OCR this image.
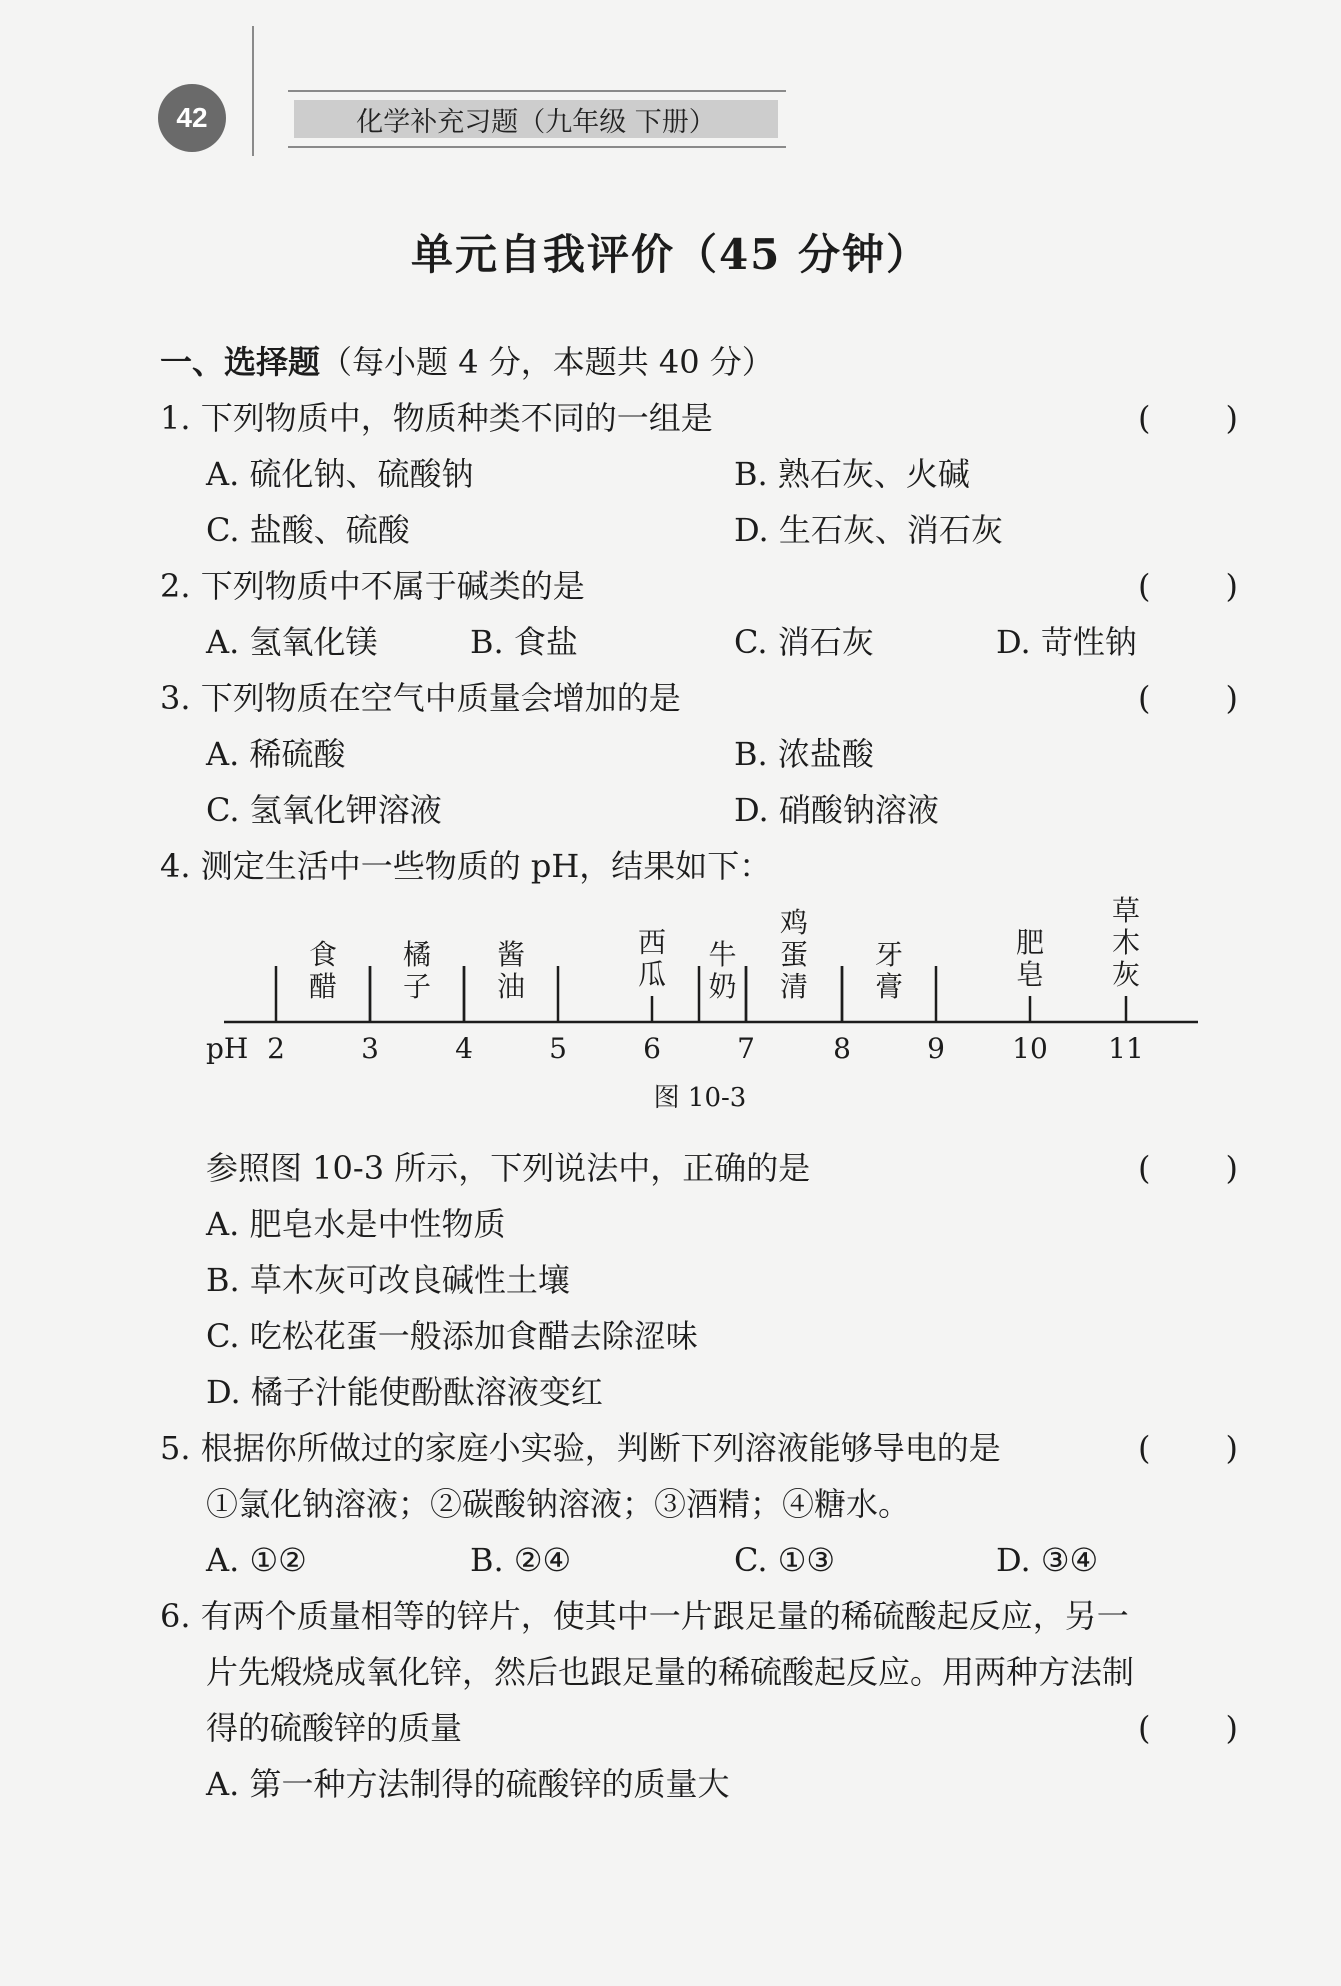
42	化学补充习题（九年级 下册）
单元自我评价（45 分钟）
一、选择题（每小题 4 分，本题共 40 分）
1. 下列物质中，物质种类不同的一组是	( )
A. 硫化钠、硫酸钠	B. 熟石灰、火碱
C. 盐酸、硫酸	D. 生石灰、消石灰
2. 下列物质中不属于碱类的是	( )
A. 氢氧化镁	B. 食盐	C. 消石灰	D. 苛性钠
3. 下列物质在空气中质量会增加的是	( )
A. 稀硫酸	B. 浓盐酸
C. 氢氧化钾溶液	D. 硝酸钠溶液
4. 测定生活中一些物质的 pH，结果如下：
pH 2	3	4	5	6	7	8	9 10 11
食
醋
橘
子
酱
油
西
瓜
牛
奶
鸡
蛋
清
牙
膏
肥
皂
草
木
灰
图 10-3
参照图 10-3 所示，下列说法中，正确的是	( )
A. 肥皂水是中性物质
B. 草木灰可改良碱性土壤
C. 吃松花蛋一般添加食醋去除涩味
D. 橘子汁能使酚酞溶液变红
5. 根据你所做过的家庭小实验，判断下列溶液能够导电的是	( )
①氯化钠溶液；②碳酸钠溶液；③酒精；④糖水。
A. ①②	B. ②④	C. ①③	D. ③④
6. 有两个质量相等的锌片，使其中一片跟足量的稀硫酸起反应，另一
片先煅烧成氧化锌，然后也跟足量的稀硫酸起反应。用两种方法制
得的硫酸锌的质量	( )
A. 第一种方法制得的硫酸锌的质量大
